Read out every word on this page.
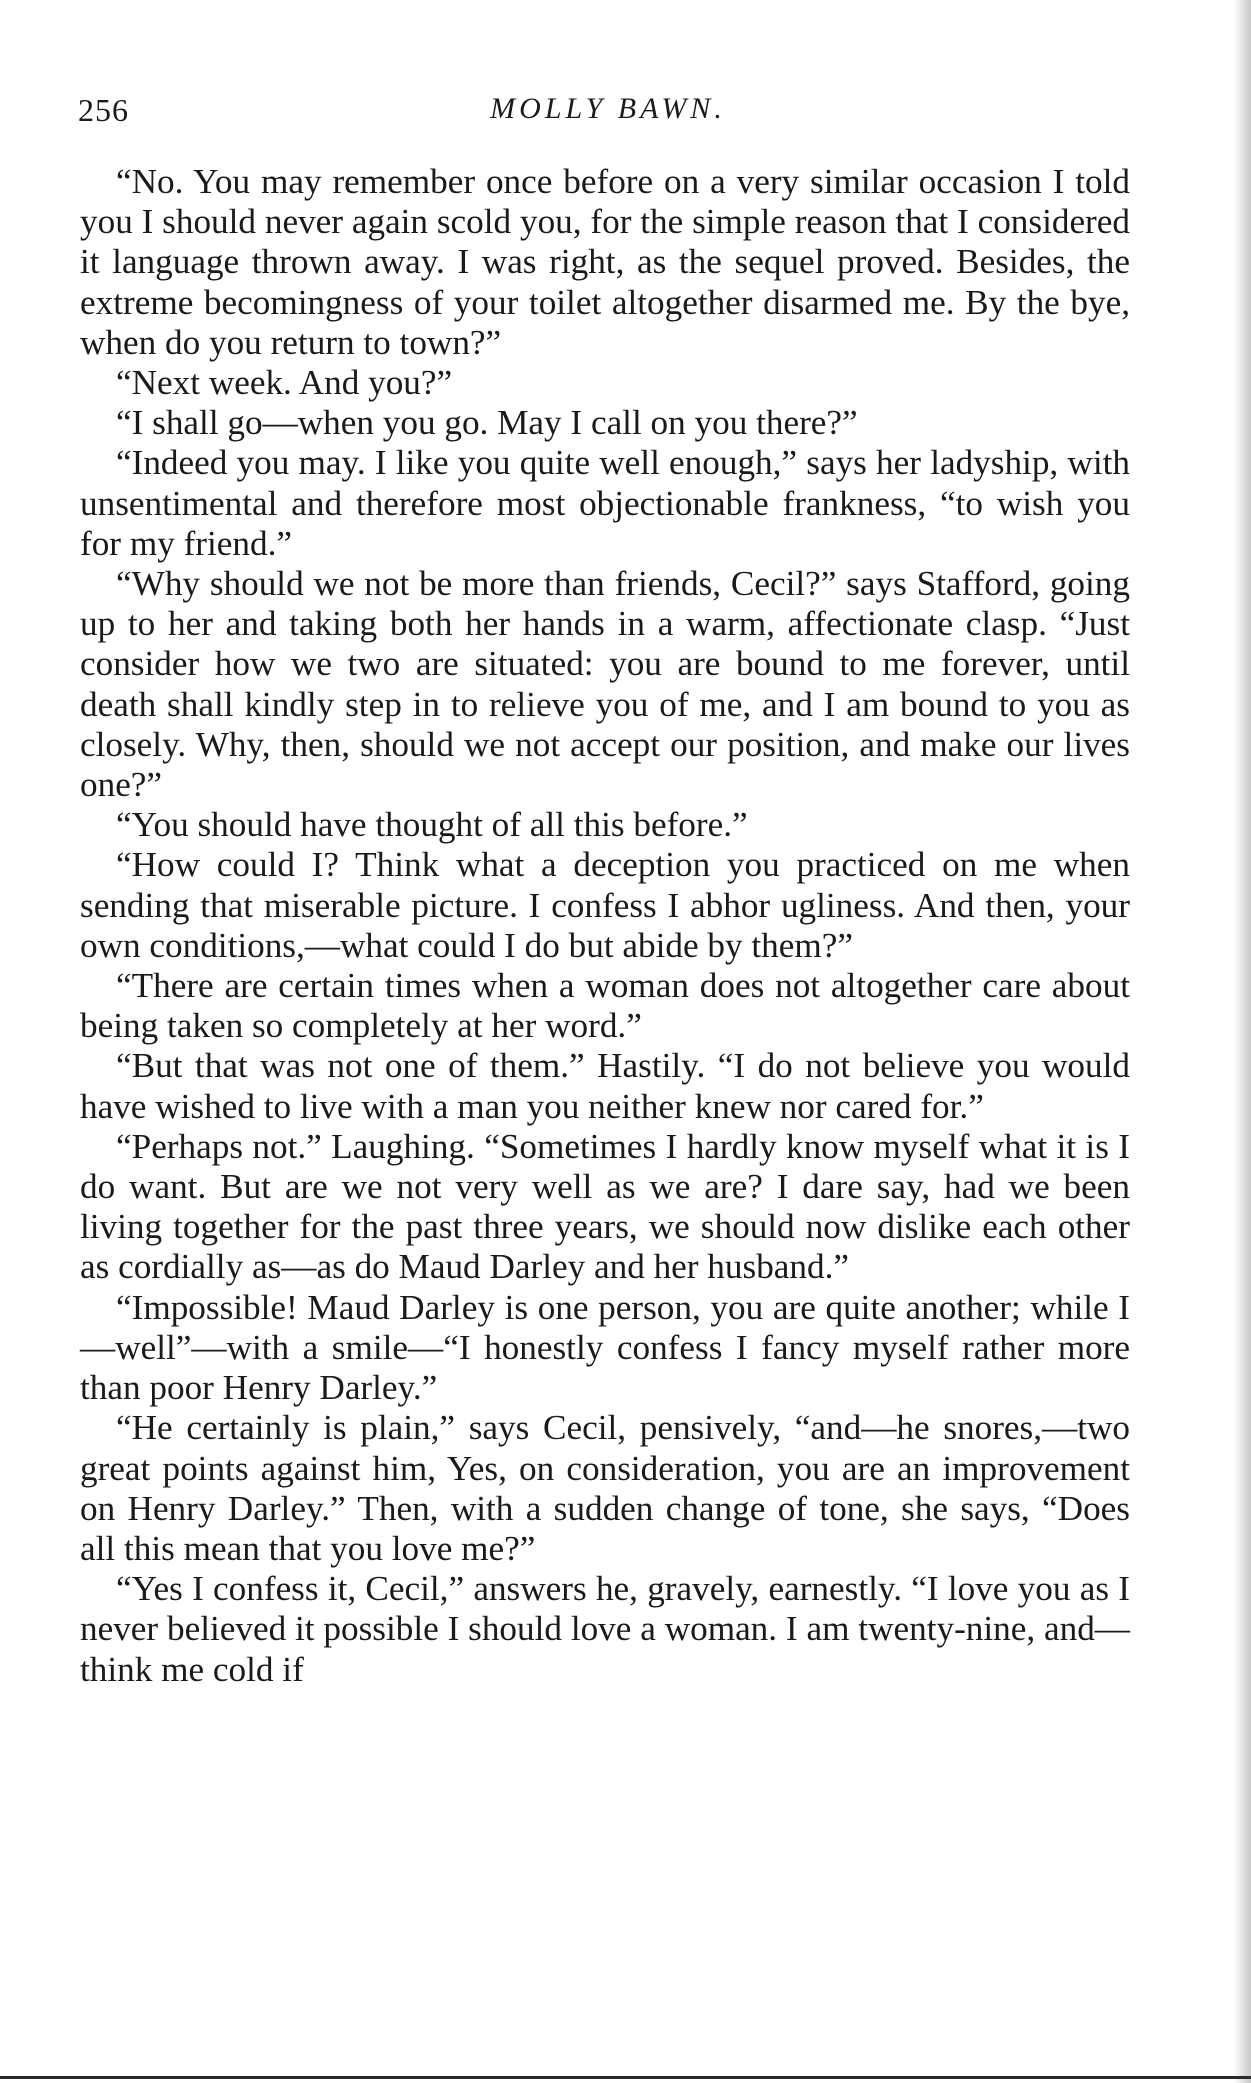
256	MOLLY BAWN.

“No. You may remember once before on a very similar occasion I told you I should never again scold you, for the simple reason that I considered it language thrown away. I was right, as the sequel proved. Besides, the extreme becomingness of your toilet altogether disarmed me. By the bye, when do you return to town?”

“Next week. And you?”

“I shall go—when you go. May I call on you there?”

“Indeed you may. I like you quite well enough,” says her ladyship, with unsentimental and therefore most objectionable frankness, “to wish you for my friend.”

“Why should we not be more than friends, Cecil?” says Stafford, going up to her and taking both her hands in a warm, affectionate clasp. “Just consider how we two are situated: you are bound to me forever, until death shall kindly step in to relieve you of me, and I am bound to you as closely. Why, then, should we not accept our position, and make our lives one?”

“You should have thought of all this before.”

“How could I? Think what a deception you practiced on me when sending that miserable picture. I confess I abhor ugliness. And then, your own conditions,—what could I do but abide by them?”

“There are certain times when a woman does not altogether care about being taken so completely at her word.”

“But that was not one of them.” Hastily. “I do not believe you would have wished to live with a man you neither knew nor cared for.”

“Perhaps not.” Laughing. “Sometimes I hardly know myself what it is I do want. But are we not very well as we are? I dare say, had we been living together for the past three years, we should now dislike each other as cordially as—as do Maud Darley and her husband.”

“Impossible! Maud Darley is one person, you are quite another; while I—well”—with a smile—“I honestly confess I fancy myself rather more than poor Henry Darley.”

“He certainly is plain,” says Cecil, pensively, “and—he snores,—two great points against him, Yes, on consideration, you are an improvement on Henry Darley.” Then, with a sudden change of tone, she says, “Does all this mean that you love me?”

“Yes I confess it, Cecil,” answers he, gravely, earnestly. “I love you as I never believed it possible I should love a woman. I am twenty-nine, and—think me cold if
